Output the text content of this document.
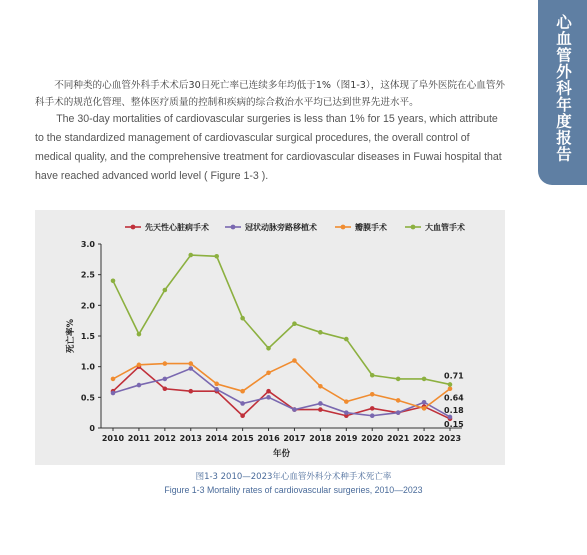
心血管外科年度报告2023
不同种类的心血管外科手术术后30日死亡率已连续多年均低于1%（图1-3），这体现了阜外医院在心血管外科手术的规范化管理、整体医疗质量的控制和疾病的综合救治水平均已达到世界先进水平。
The 30-day mortalities of cardiovascular surgeries is less than 1% for 15 years, which attribute to the standardized management of cardiovascular surgical procedures, the overall control of medical quality, and the comprehensive treatment for cardiovascular diseases in Fuwai hospital that have reached advanced world level ( Figure 1-3 ).
0
0.5
1.0
1.5
2.0
2.5
3.0
2010 2011 2012 2013 2014 2015 2016 2017 2018 2019 2020 2021 2022 2023
年份
死亡率%
先天性心脏病手术	冠状动脉旁路移植术	瓣膜手术	大血管手术
0.71
0.64
0.18
0.15
图1-3 2010—2023年心血管外科分术种手术死亡率
Figure 1-3 Mortality rates of cardiovascular surgeries, 2010—2023
